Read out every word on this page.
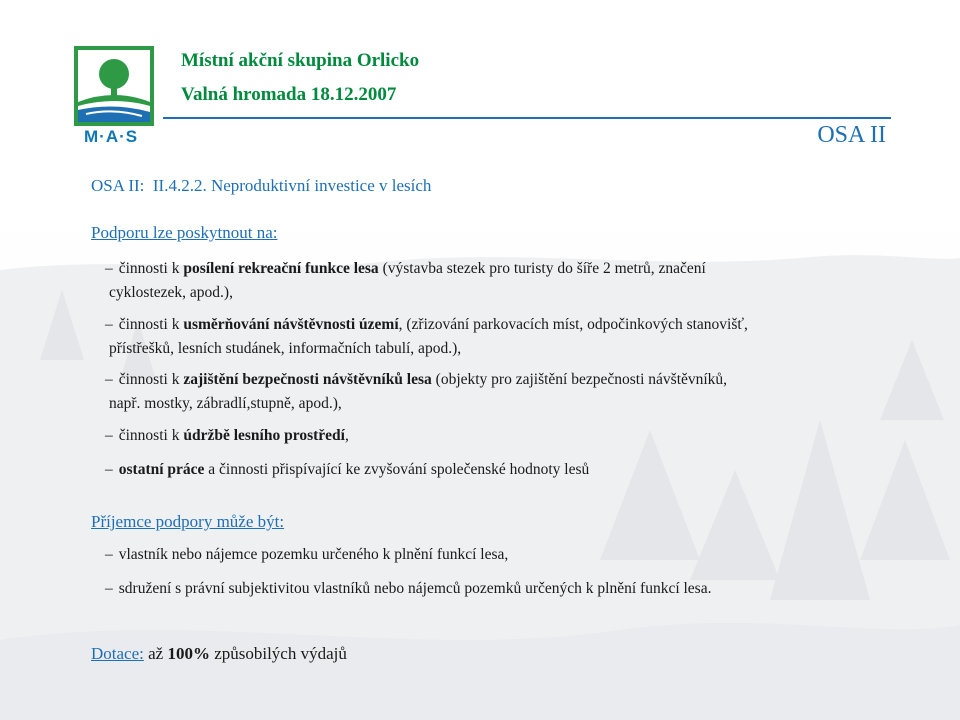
M·A·S
Místní akční skupina Orlicko
Valná hromada 18.12.2007
OSA II
OSA II: II.4.2.2. Neproduktivní investice v lesích
Podporu lze poskytnout na:
– činnosti k posílení rekreační funkce lesa (výstavba stezek pro turisty do šíře 2 metrů, značení
cyklostezek, apod.),
– činnosti k usměrňování návštěvnosti území, (zřizování parkovacích míst, odpočinkových stanovišť,
přístřešků, lesních studánek, informačních tabulí, apod.),
– činnosti k zajištění bezpečnosti návštěvníků lesa (objekty pro zajištění bezpečnosti návštěvníků,
např. mostky, zábradlí,stupně, apod.),
– činnosti k údržbě lesního prostředí,
– ostatní práce a činnosti přispívající ke zvyšování společenské hodnoty lesů
Příjemce podpory může být:
– vlastník nebo nájemce pozemku určeného k plnění funkcí lesa,
– sdružení s právní subjektivitou vlastníků nebo nájemců pozemků určených k plnění funkcí lesa.
Dotace: až 100% způsobilých výdajů
